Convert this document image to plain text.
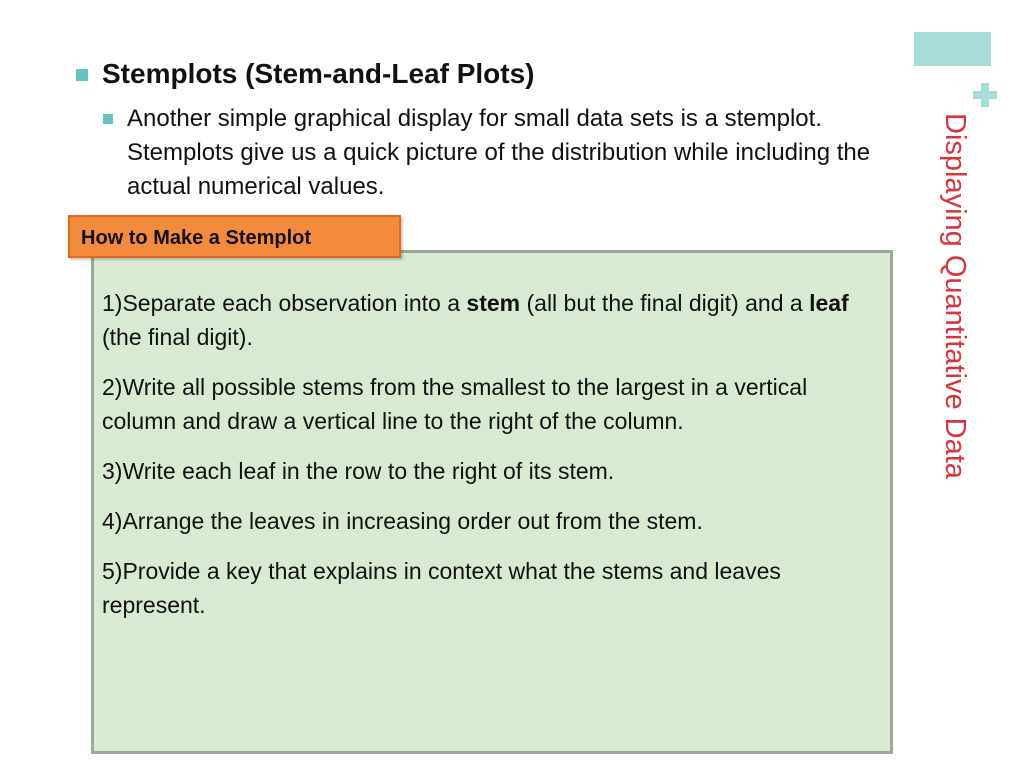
Displaying Quantitative Data
Stemplots (Stem-and-Leaf Plots)
Another simple graphical display for small data sets is a stemplot. Stemplots give us a quick picture of the distribution while including the actual numerical values.
How to Make a Stemplot
1)Separate each observation into a stem (all but the final digit) and a leaf (the final digit).
2)Write all possible stems from the smallest to the largest in a vertical column and draw a vertical line to the right of the column.
3)Write each leaf in the row to the right of its stem.
4)Arrange the leaves in increasing order out from the stem.
5)Provide a key that explains in context what the stems and leaves represent.
